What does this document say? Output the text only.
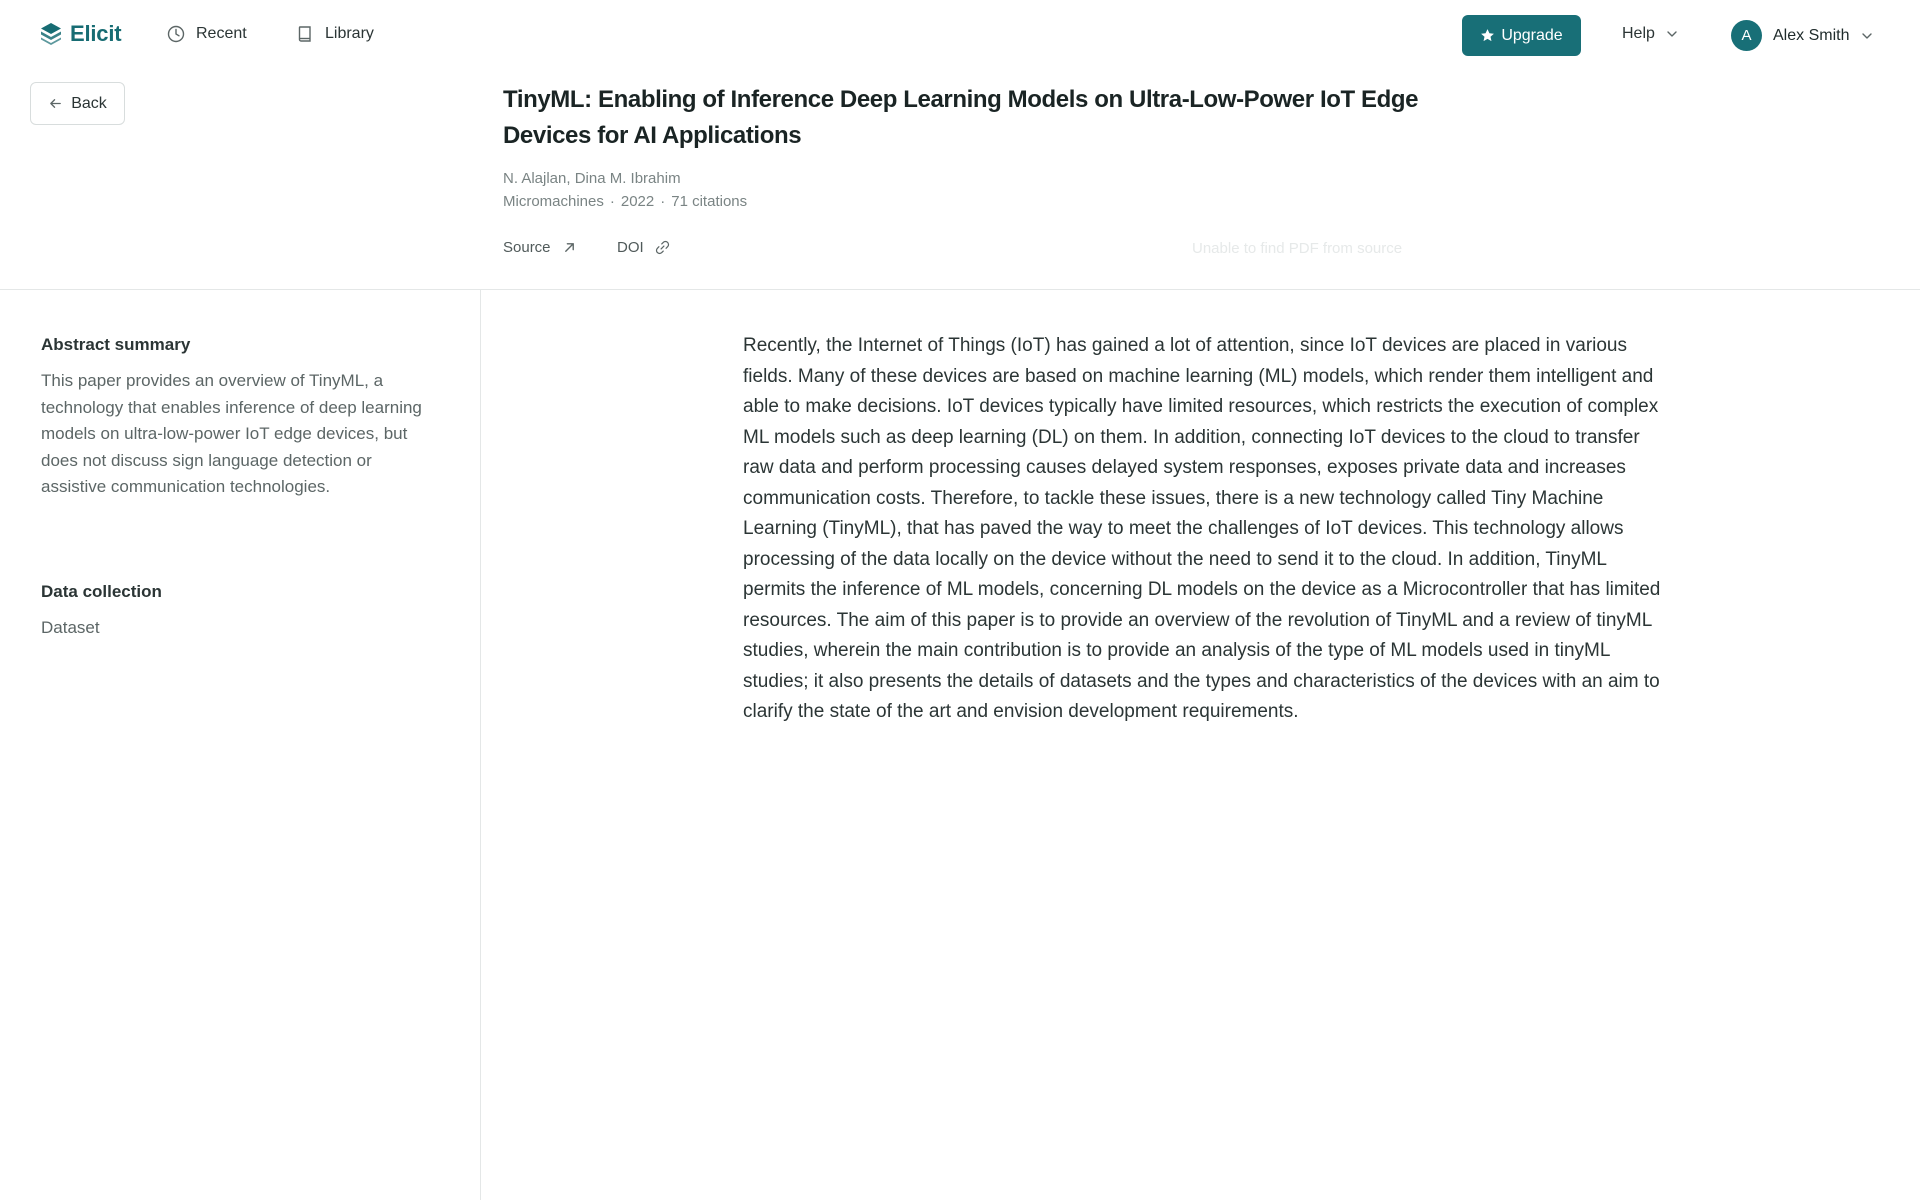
Elicit	Recent	Library	Upgrade	Help	A	Alex Smith
Back	TinyML: Enabling of Inference Deep Learning Models on Ultra-Low-Power IoT Edge Devices for AI Applications
N. Alajlan, Dina M. Ibrahim
Micromachines · 2022 · 71 citations
Source	DOI	Unable to find PDF from source
Abstract summary

This paper provides an overview of TinyML, a technology that enables inference of deep learning models on ultra-low-power IoT edge devices, but does not discuss sign language detection or assistive communication technologies.

Data collection

Dataset

Recently, the Internet of Things (IoT) has gained a lot of attention, since IoT devices are placed in various fields. Many of these devices are based on machine learning (ML) models, which render them intelligent and able to make decisions. IoT devices typically have limited resources, which restricts the execution of complex ML models such as deep learning (DL) on them. In addition, connecting IoT devices to the cloud to transfer raw data and perform processing causes delayed system responses, exposes private data and increases communication costs. Therefore, to tackle these issues, there is a new technology called Tiny Machine Learning (TinyML), that has paved the way to meet the challenges of IoT devices. This technology allows processing of the data locally on the device without the need to send it to the cloud. In addition, TinyML permits the inference of ML models, concerning DL models on the device as a Microcontroller that has limited resources. The aim of this paper is to provide an overview of the revolution of TinyML and a review of tinyML studies, wherein the main contribution is to provide an analysis of the type of ML models used in tinyML studies; it also presents the details of datasets and the types and characteristics of the devices with an aim to clarify the state of the art and envision development requirements.
